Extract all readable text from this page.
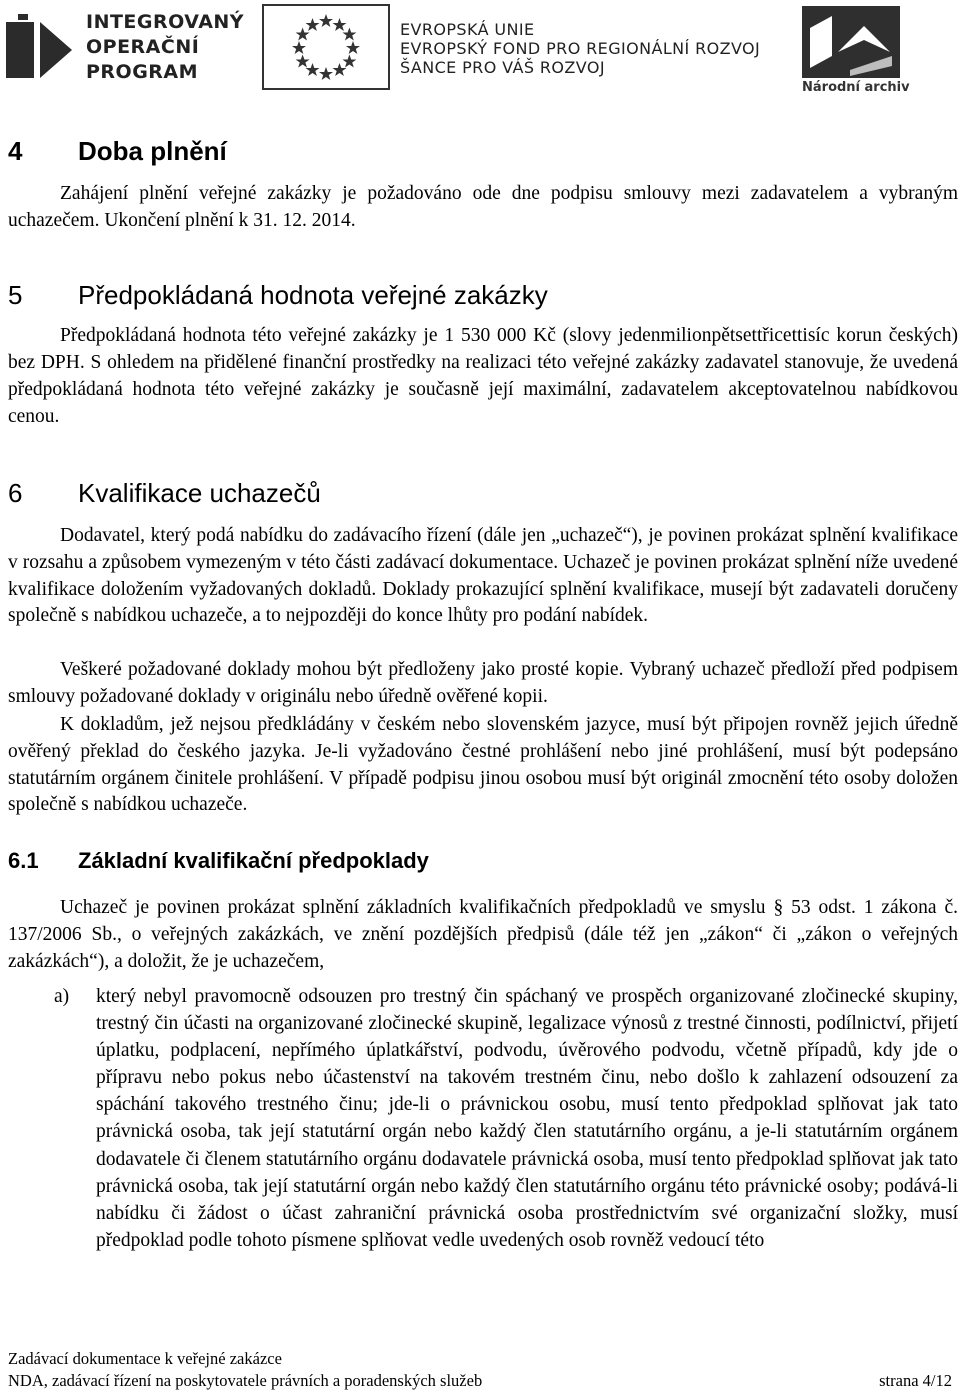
INTEGROVANÝ
OPERAČNÍ
PROGRAM
EVROPSKÁ UNIE
EVROPSKÝ FOND PRO REGIONÁLNÍ ROZVOJ
ŠANCE PRO VÁŠ ROZVOJ
Národní archiv
4 Doba plnění

Zahájení plnění veřejné zakázky je požadováno ode dne podpisu smlouvy mezi zadavatelem a vybraným uchazečem. Ukončení plnění k 31. 12. 2014.

5 Předpokládaná hodnota veřejné zakázky

Předpokládaná hodnota této veřejné zakázky je 1 530 000 Kč (slovy jedenmilionpětsettřicettisíc korun českých) bez DPH. S ohledem na přidělené finanční prostředky na realizaci této veřejné zakázky zadavatel stanovuje, že uvedená předpokládaná hodnota této veřejné zakázky je současně její maximální, zadavatelem akceptovatelnou nabídkovou cenou.

6 Kvalifikace uchazečů

Dodavatel, který podá nabídku do zadávacího řízení (dále jen „uchazeč“), je povinen prokázat splnění kvalifikace v rozsahu a způsobem vymezeným v této části zadávací dokumentace. Uchazeč je povinen prokázat splnění níže uvedené kvalifikace doložením vyžadovaných dokladů. Doklady prokazující splnění kvalifikace, musejí být zadavateli doručeny společně s nabídkou uchazeče, a to nejpozději do konce lhůty pro podání nabídek.

Veškeré požadované doklady mohou být předloženy jako prosté kopie. Vybraný uchazeč předloží před podpisem smlouvy požadované doklady v originálu nebo úředně ověřené kopii.

K dokladům, jež nejsou předkládány v českém nebo slovenském jazyce, musí být připojen rovněž jejich úředně ověřený překlad do českého jazyka. Je-li vyžadováno čestné prohlášení nebo jiné prohlášení, musí být podepsáno statutárním orgánem činitele prohlášení. V případě podpisu jinou osobou musí být originál zmocnění této osoby doložen společně s nabídkou uchazeče.

6.1 Základní kvalifikační předpoklady

Uchazeč je povinen prokázat splnění základních kvalifikačních předpokladů ve smyslu § 53 odst. 1 zákona č. 137/2006 Sb., o veřejných zakázkách, ve znění pozdějších předpisů (dále též jen „zákon“ či „zákon o veřejných zakázkách“), a doložit, že je uchazečem,

a) který nebyl pravomocně odsouzen pro trestný čin spáchaný ve prospěch organizované zločinecké skupiny, trestný čin účasti na organizované zločinecké skupině, legalizace výnosů z trestné činnosti, podílnictví, přijetí úplatku, podplacení, nepřímého úplatkářství, podvodu, úvěrového podvodu, včetně případů, kdy jde o přípravu nebo pokus nebo účastenství na takovém trestném činu, nebo došlo k zahlazení odsouzení za spáchání takového trestného činu; jde-li o právnickou osobu, musí tento předpoklad splňovat jak tato právnická osoba, tak její statutární orgán nebo každý člen statutárního orgánu, a je-li statutárním orgánem dodavatele či členem statutárního orgánu dodavatele právnická osoba, musí tento předpoklad splňovat jak tato právnická osoba, tak její statutární orgán nebo každý člen statutárního orgánu této právnické osoby; podává-li nabídku či žádost o účast zahraniční právnická osoba prostřednictvím své organizační složky, musí předpoklad podle tohoto písmene splňovat vedle uvedených osob rovněž vedoucí této
Zadávací dokumentace k veřejné zakázce
NDA, zadávací řízení na poskytovatele právních a poradenských služeb	strana 4/12
